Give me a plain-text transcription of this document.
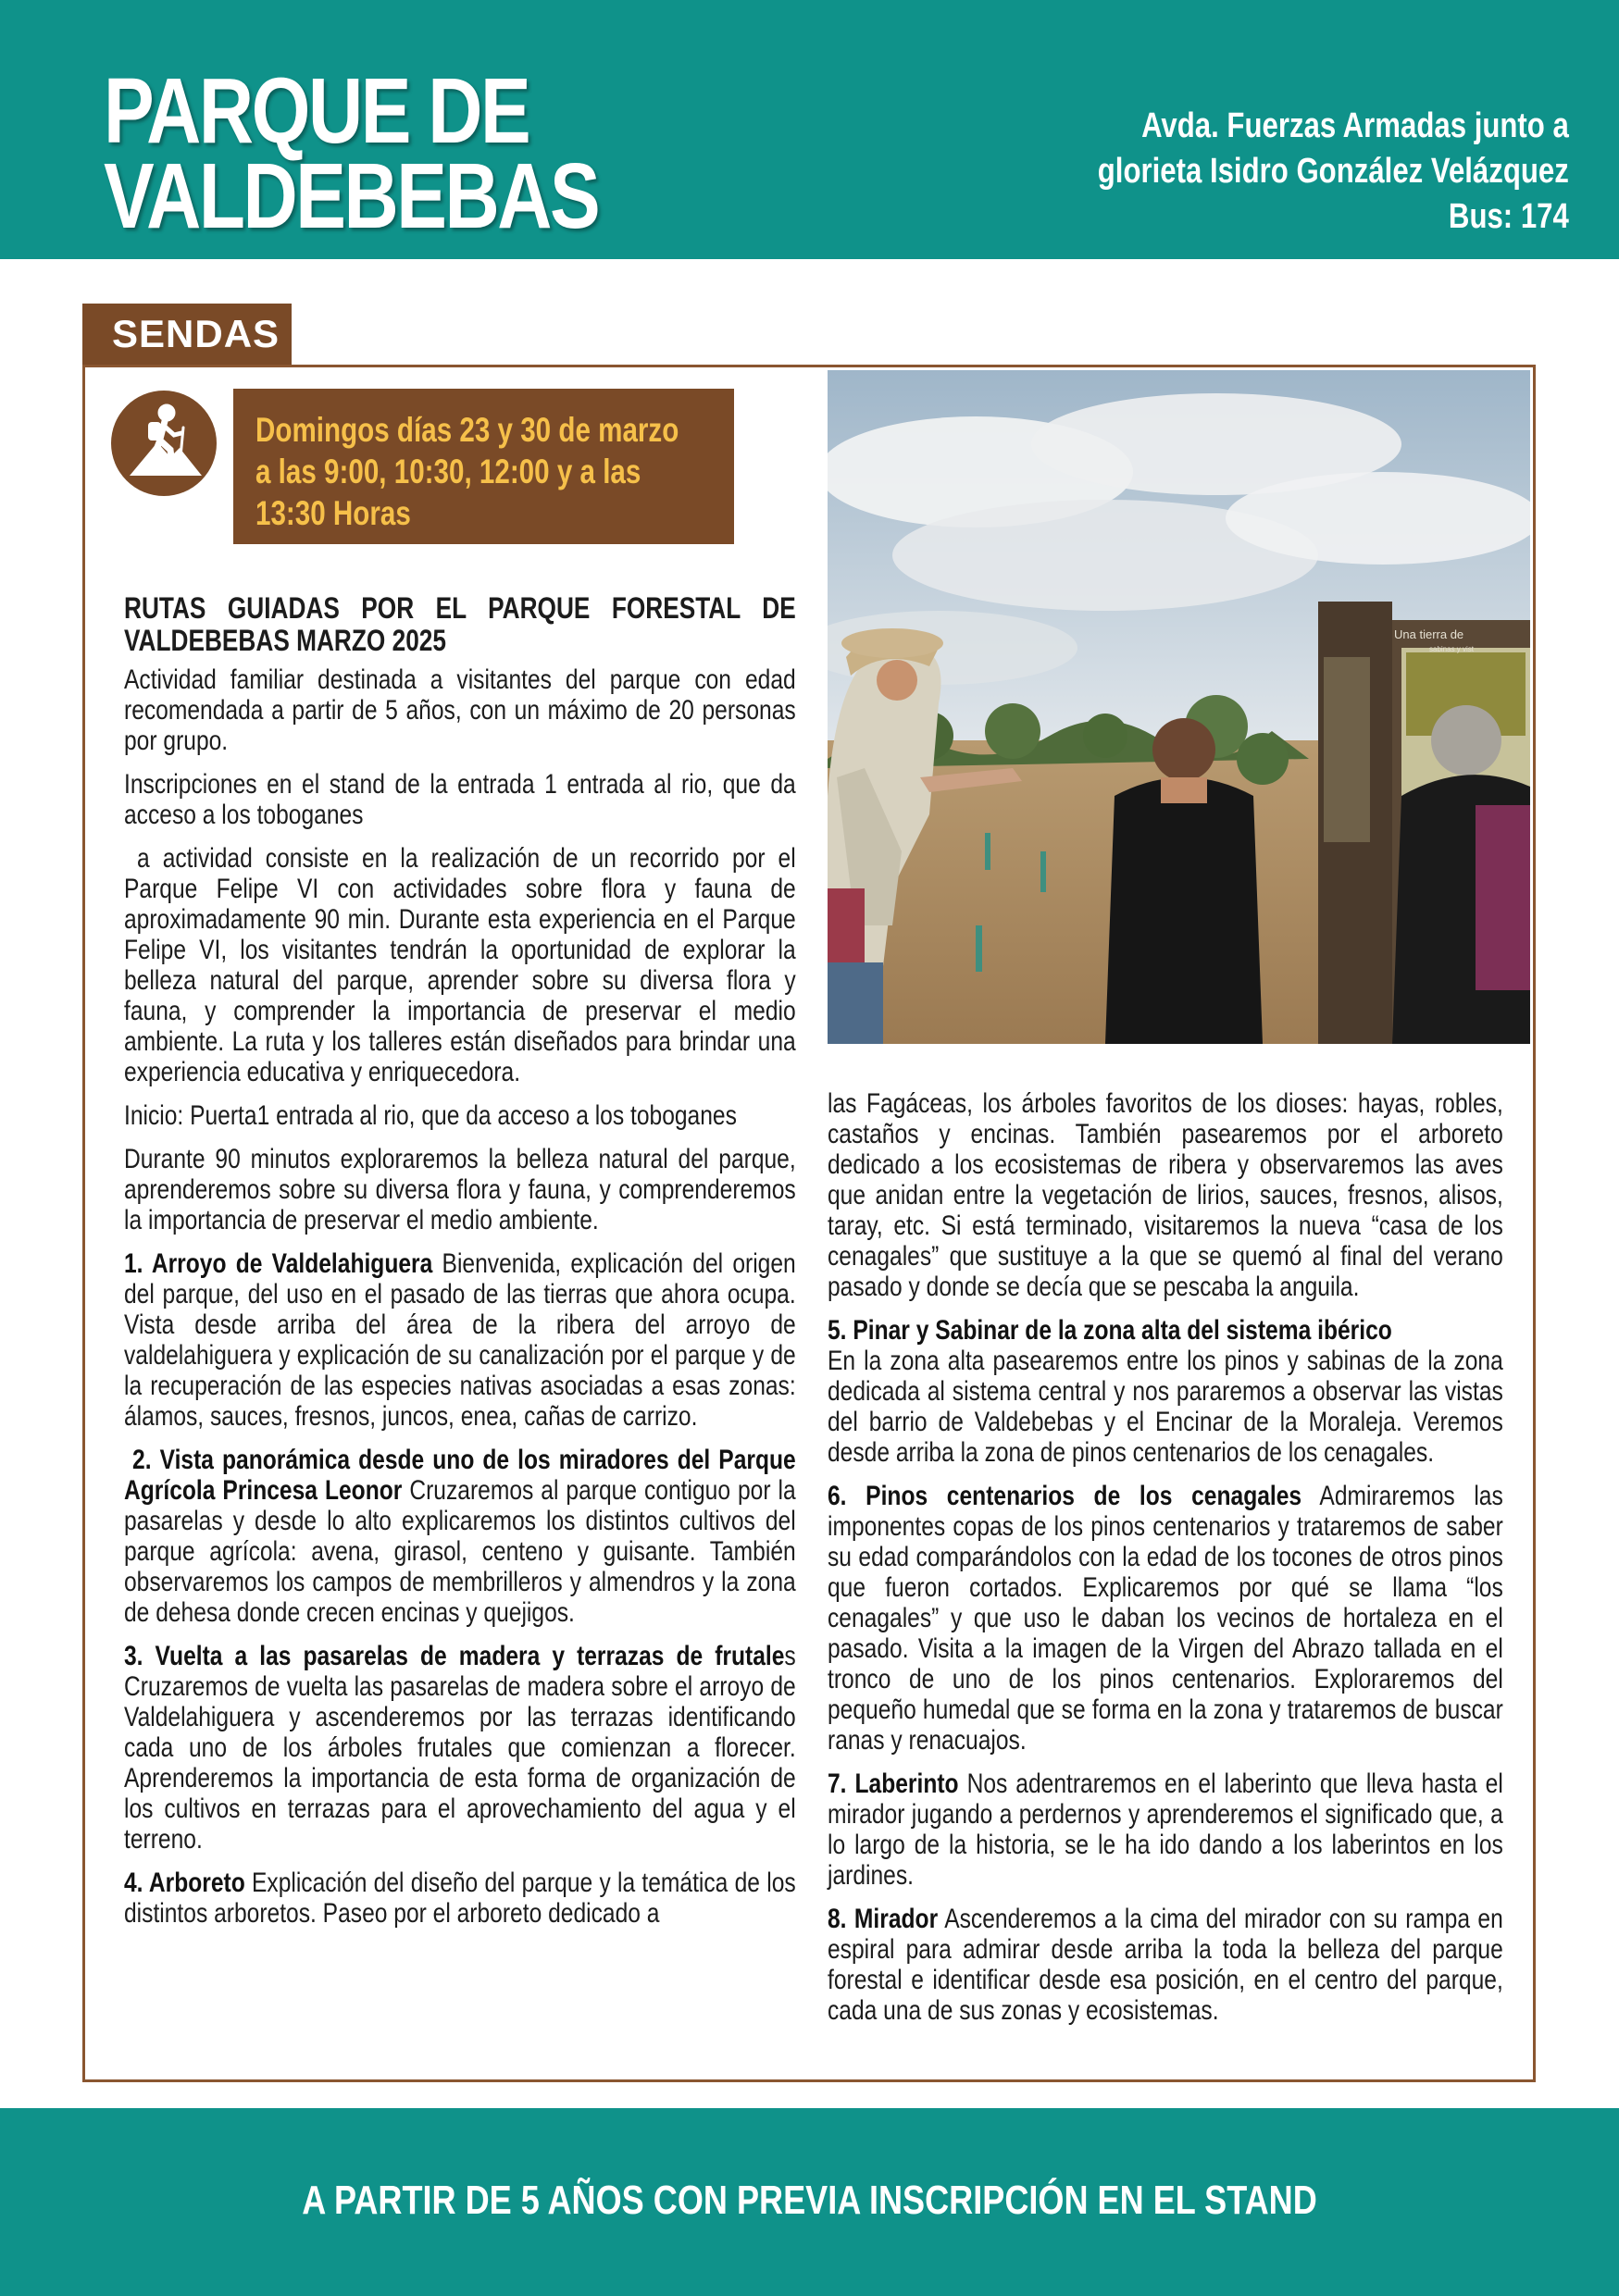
PARQUE DE
VALDEBEBAS
Avda. Fuerzas Armadas junto a
glorieta Isidro González Velázquez
Bus: 174
SENDAS
Domingos días 23 y 30 de marzo
a las 9:00, 10:30, 12:00 y a las
13:30 Horas
Una tierra de
sabinas y vist

RUTAS GUIADAS POR EL PARQUE FORESTAL DE VALDEBEBAS MARZO 2025

Actividad familiar destinada a visitantes del parque con edad recomendada a partir de 5 años, con un máximo de 20 personas por grupo.

Inscripciones en el stand de la entrada 1 entrada al rio, que da acceso a los toboganes

a actividad consiste en la realización de un recorrido por el Parque Felipe VI con actividades sobre flora y fauna de aproximadamente 90 min. Durante esta experiencia en el Parque Felipe VI, los visitantes tendrán la oportunidad de explorar la belleza natural del parque, aprender sobre su diversa flora y fauna, y comprender la importancia de preservar el medio ambiente. La ruta y los talleres están diseñados para brindar una experiencia educativa y enriquecedora.

Inicio: Puerta1 entrada al rio, que da acceso a los toboganes

Durante 90 minutos exploraremos la belleza natural del parque, aprenderemos sobre su diversa flora y fauna, y comprenderemos la importancia de preservar el medio ambiente.

1. Arroyo de Valdelahiguera Bienvenida, explicación del origen del parque, del uso en el pasado de las tierras que ahora ocupa. Vista desde arriba del área de la ribera del arroyo de valdelahiguera y explicación de su canalización por el parque y de la recuperación de las especies nativas asociadas a esas zonas: álamos, sauces, fresnos, juncos, enea, cañas de carrizo.

2. Vista panorámica desde uno de los miradores del Parque Agrícola Princesa Leonor Cruzaremos al parque contiguo por la pasarelas y desde lo alto explicaremos los distintos cultivos del parque agrícola: avena, girasol, centeno y guisante. También observaremos los campos de membrilleros y almendros y la zona de dehesa donde crecen encinas y quejigos.

3. Vuelta a las pasarelas de madera y terrazas de frutales Cruzaremos de vuelta las pasarelas de madera sobre el arroyo de Valdelahiguera y ascenderemos por las terrazas identificando cada uno de los árboles frutales que comienzan a florecer. Aprenderemos la importancia de esta forma de organización de los cultivos en terrazas para el aprovechamiento del agua y el terreno.

4. Arboreto Explicación del diseño del parque y la temática de los distintos arboretos. Paseo por el arboreto dedicado a

las Fagáceas, los árboles favoritos de los dioses: hayas, robles, castaños y encinas. También pasearemos por el arboreto dedicado a los ecosistemas de ribera y observaremos las aves que anidan entre la vegetación de lirios, sauces, fresnos, alisos, taray, etc. Si está terminado, visitaremos la nueva “casa de los cenagales” que sustituye a la que se quemó al final del verano pasado y donde se decía que se pescaba la anguila.

5. Pinar y Sabinar de la zona alta del sistema ibérico
En la zona alta pasearemos entre los pinos y sabinas de la zona dedicada al sistema central y nos pararemos a observar las vistas del barrio de Valdebebas y el Encinar de la Moraleja. Veremos desde arriba la zona de pinos centenarios de los cenagales.

6. Pinos centenarios de los cenagales Admiraremos las imponentes copas de los pinos centenarios y trataremos de saber su edad comparándolos con la edad de los tocones de otros pinos que fueron cortados. Explicaremos por qué se llama “los cenagales” y que uso le daban los vecinos de hortaleza en el pasado. Visita a la imagen de la Virgen del Abrazo tallada en el tronco de uno de los pinos centenarios. Exploraremos del pequeño humedal que se forma en la zona y trataremos de buscar ranas y renacuajos.

7. Laberinto Nos adentraremos en el laberinto que lleva hasta el mirador jugando a perdernos y aprenderemos el significado que, a lo largo de la historia, se le ha ido dando a los laberintos en los jardines.

8. Mirador Ascenderemos a la cima del mirador con su rampa en espiral para admirar desde arriba la toda la belleza del parque forestal e identificar desde esa posición, en el centro del parque, cada una de sus zonas y ecosistemas.

A PARTIR DE 5 AÑOS CON PREVIA INSCRIPCIÓN EN EL STAND
